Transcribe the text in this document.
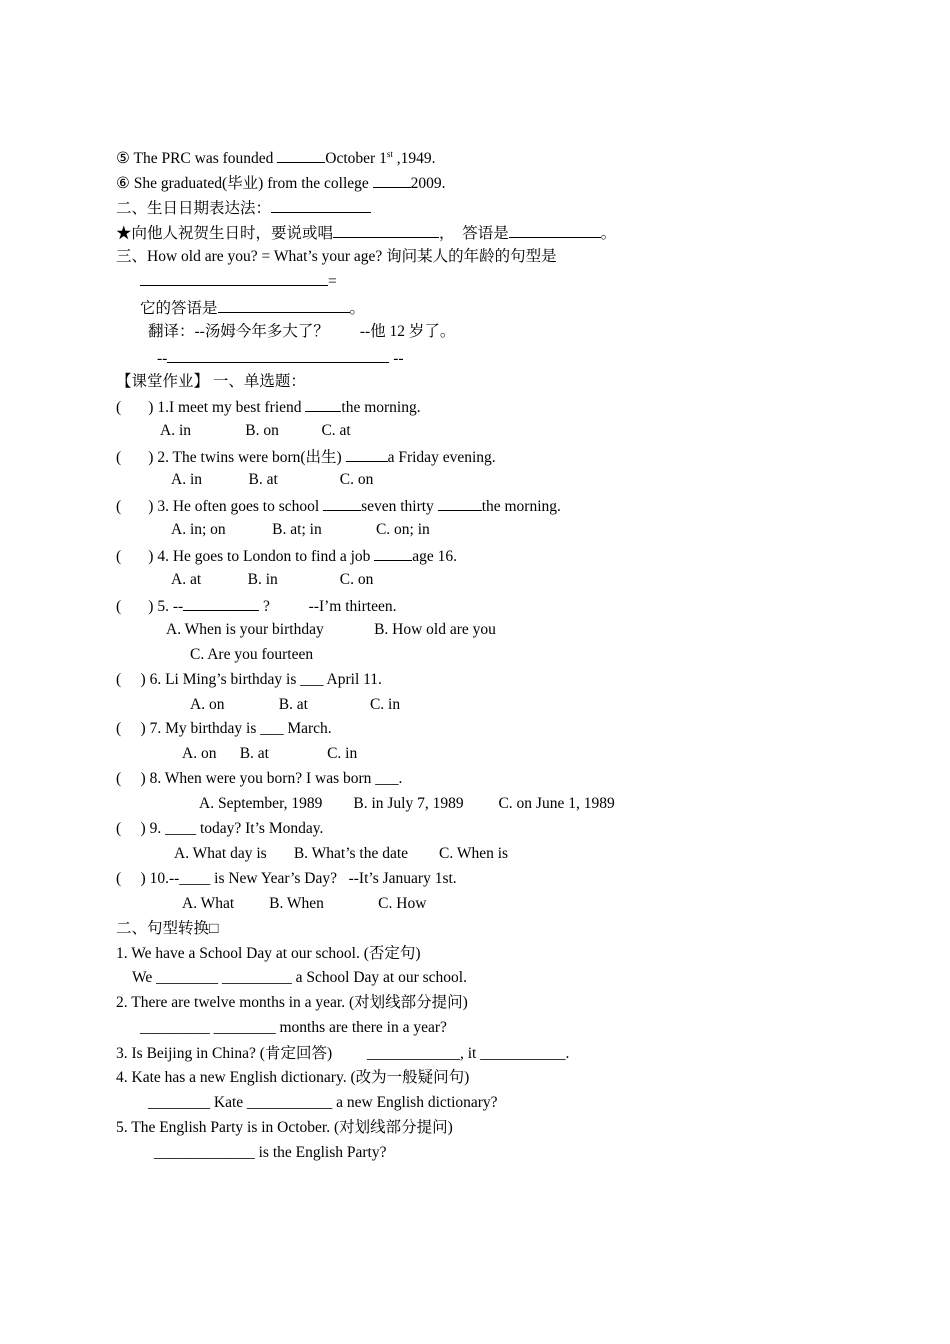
⑤ The PRC was founded	October 1st ,1949.
⑥ She graduated(毕业) from the college 2009.
二、生日日期表达法：
★向他人祝贺生日时，要说或唱	，  答语是	。
三、How old are you? = What’s your age? 询问某人的年龄的句型是
=
它的答语是	。
翻译：--汤姆今年多大了？        --他 12 岁了。
--	--
【课堂作业】 一、单选题：
(       ) 1.I meet my best friend the morning.
A. in              B. on           C. at
(       ) 2. The twins were born(出生)	a Friday evening.
A. in            B. at                C. on
(       ) 3. He often goes to school seven thirty	the morning.
A. in; on            B. at; in              C. on; in
(       ) 4. He goes to London to find a job age 16.
A. at            B. in                C. on
(       ) 5. --	?          --I’m thirteen.
A. When is your birthday             B. How old are you
C. Are you fourteen
(     ) 6. Li Ming’s birthday is ___ April 11.
A. on              B. at                C. in
(     ) 7. My birthday is ___ March.
A. on      B. at               C. in
(     ) 8. When were you born? I was born ___.
A. September, 1989        B. in July 7, 1989         C. on June 1, 1989
(     ) 9. ____ today? It’s Monday.
A. What day is       B. What’s the date        C. When is
(     ) 10.--____ is New Year’s Day?   --It’s January 1st.
A. What         B. When              C. How
二、句型转换□
1. We have a School Day at our school. (否定句)
We ________ _________ a School Day at our school.
2. There are twelve months in a year. (对划线部分提问)
_________ ________ months are there in a year?
3. Is Beijing in China? (肯定回答)         ____________, it ___________.
4. Kate has a new English dictionary. (改为一般疑问句)
________ Kate ___________ a new English dictionary?
5. The English Party is in October. (对划线部分提问)
_____________ is the English Party?
